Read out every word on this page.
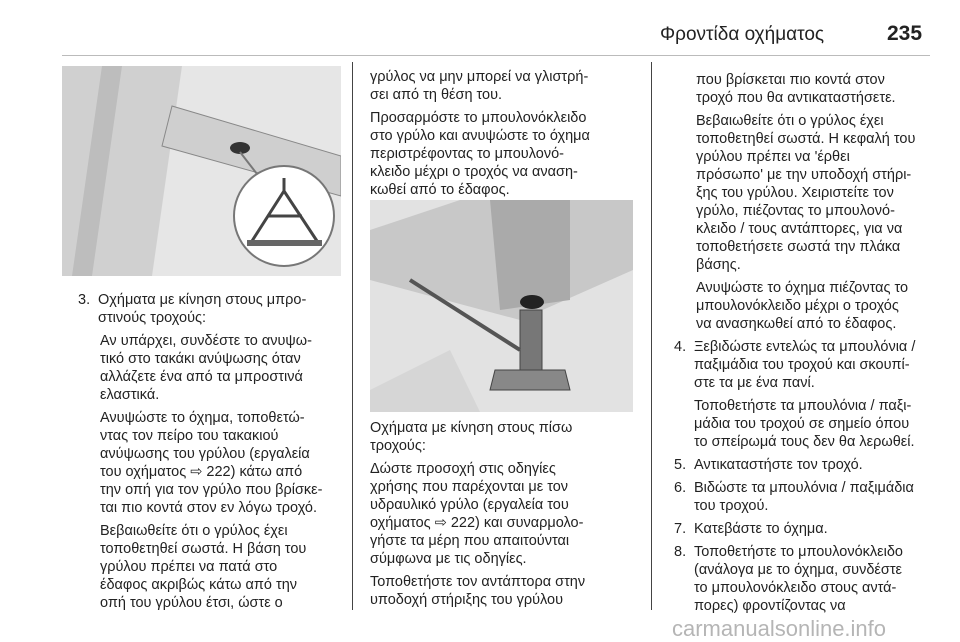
Φροντίδα οχήματος	235
3. Οχήματα με κίνηση στους μπρο-
στινούς τροχούς:

Αν υπάρχει, συνδέστε το ανυψω-
τικό στο τακάκι ανύψωσης όταν
αλλάζετε ένα από τα μπροστινά
ελαστικά.

Ανυψώστε το όχημα, τοποθετώ-
ντας τον πείρο του τακακιού
ανύψωσης του γρύλου (εργαλεία
του οχήματος ⇨ 222) κάτω από
την οπή για τον γρύλο που βρίσκε-
ται πιο κοντά στον εν λόγω τροχό.

Βεβαιωθείτε ότι ο γρύλος έχει
τοποθετηθεί σωστά. Η βάση του
γρύλου πρέπει να πατά στο
έδαφος ακριβώς κάτω από την
οπή του γρύλου έτσι, ώστε ο

γρύλος να μην μπορεί να γλιστρή-
σει από τη θέση του.

Προσαρμόστε το μπουλονόκλειδο
στο γρύλο και ανυψώστε το όχημα
περιστρέφοντας το μπουλονό-
κλειδο μέχρι ο τροχός να αναση-
κωθεί από το έδαφος.

Οχήματα με κίνηση στους πίσω
τροχούς:

Δώστε προσοχή στις οδηγίες
χρήσης που παρέχονται με τον
υδραυλικό γρύλο (εργαλεία του
οχήματος ⇨ 222) και συναρμολο-
γήστε τα μέρη που απαιτούνται
σύμφωνα με τις οδηγίες.

Τοποθετήστε τον αντάπτορα στην
υποδοχή στήριξης του γρύλου

που βρίσκεται πιο κοντά στον
τροχό που θα αντικαταστήσετε.

Βεβαιωθείτε ότι ο γρύλος έχει
τοποθετηθεί σωστά. Η κεφαλή του
γρύλου πρέπει να 'έρθει
πρόσωπο' με την υποδοχή στήρι-
ξης του γρύλου. Χειριστείτε τον
γρύλο, πιέζοντας το μπουλονό-
κλειδο / τους αντάπτορες, για να
τοποθετήσετε σωστά την πλάκα
βάσης.

Ανυψώστε το όχημα πιέζοντας το
μπουλονόκλειδο μέχρι ο τροχός
να ανασηκωθεί από το έδαφος.

4. Ξεβιδώστε εντελώς τα μπουλόνια /
παξιμάδια του τροχού και σκουπί-
στε τα με ένα πανί.

Τοποθετήστε τα μπουλόνια / παξι-
μάδια του τροχού σε σημείο όπου
το σπείρωμά τους δεν θα λερωθεί.

5. Αντικαταστήστε τον τροχό.
6. Βιδώστε τα μπουλόνια / παξιμάδια
του τροχού.
7. Κατεβάστε το όχημα.
8. Τοποθετήστε το μπουλονόκλειδο
(ανάλογα με το όχημα, συνδέστε
το μπουλονόκλειδο στους αντά-
πορες) φροντίζοντας να
carmanualsonline.info
